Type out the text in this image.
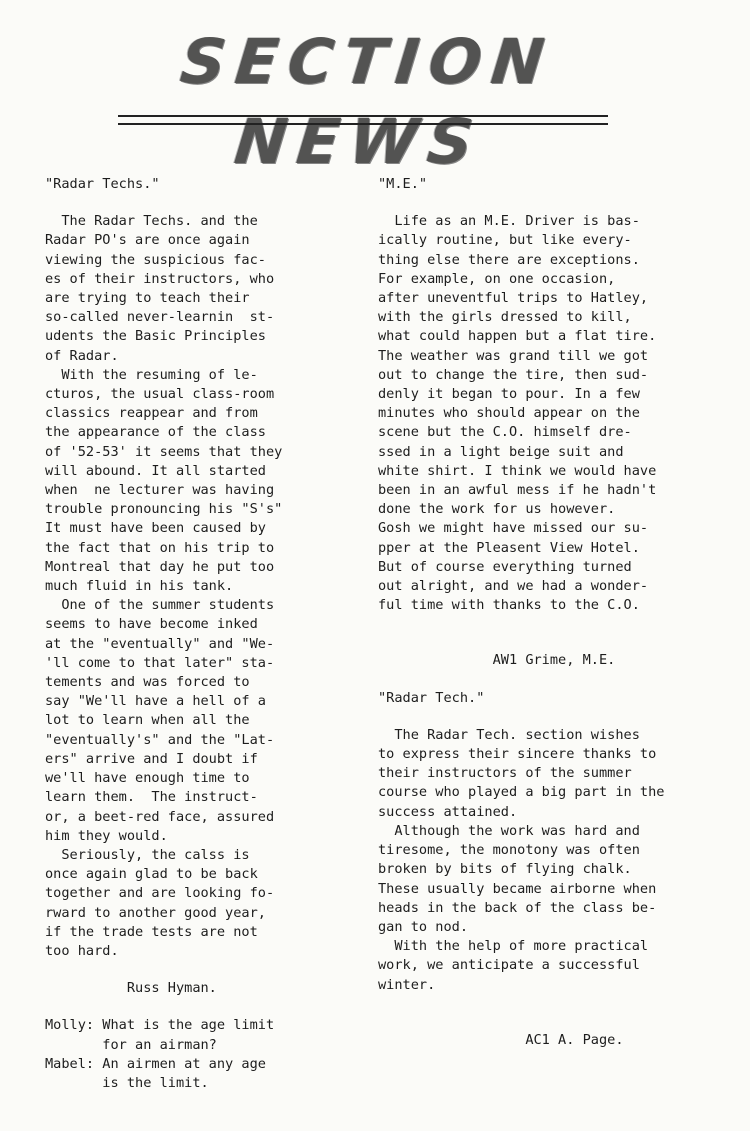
SECTION NEWS

"Radar Techs."

The Radar Techs. and the
Radar PO's are once again
viewing the suspicious fac-
es of their instructors, who
are trying to teach their
so-called never-learnin  st-
udents the Basic Principles
of Radar.

With the resuming of le-
cturos, the usual class-room
classics reappear and from
the appearance of the class
of '52-53' it seems that they
will abound. It all started
when  ne lecturer was having
trouble pronouncing his "S's"
It must have been caused by
the fact that on his trip to
Montreal that day he put too
much fluid in his tank.

One of the summer students
seems to have become inked
at the "eventually" and "We-
'll come to that later" sta-
tements and was forced to
say "We'll have a hell of a
lot to learn when all the
"eventually's" and the "Lat-
ers" arrive and I doubt if
we'll have enough time to
learn them.  The instruct-
or, a beet-red face, assured
him they would.

Seriously, the calss is
once again glad to be back
together and are looking fo-
rward to another good year,
if the trade tests are not
too hard.

Russ Hyman.

Molly: What is the age limit
for an airman?
Mabel: An airmen at any age
is the limit.

"M.E."

Life as an M.E. Driver is bas-
ically routine, but like every-
thing else there are exceptions.
For example, on one occasion,
after uneventful trips to Hatley,
with the girls dressed to kill,
what could happen but a flat tire.
The weather was grand till we got
out to change the tire, then sud-
denly it began to pour. In a few
minutes who should appear on the
scene but the C.O. himself dre-
ssed in a light beige suit and
white shirt. I think we would have
been in an awful mess if he hadn't
done the work for us however.
Gosh we might have missed our su-
pper at the Pleasent View Hotel.
But of course everything turned
out alright, and we had a wonder-
ful time with thanks to the C.O.

AW1 Grime, M.E.

"Radar Tech."

The Radar Tech. section wishes
to express their sincere thanks to
their instructors of the summer
course who played a big part in the
success attained.

Although the work was hard and
tiresome, the monotony was often
broken by bits of flying chalk.
These usually became airborne when
heads in the back of the class be-
gan to nod.

With the help of more practical
work, we anticipate a successful
winter.

AC1 A. Page.
